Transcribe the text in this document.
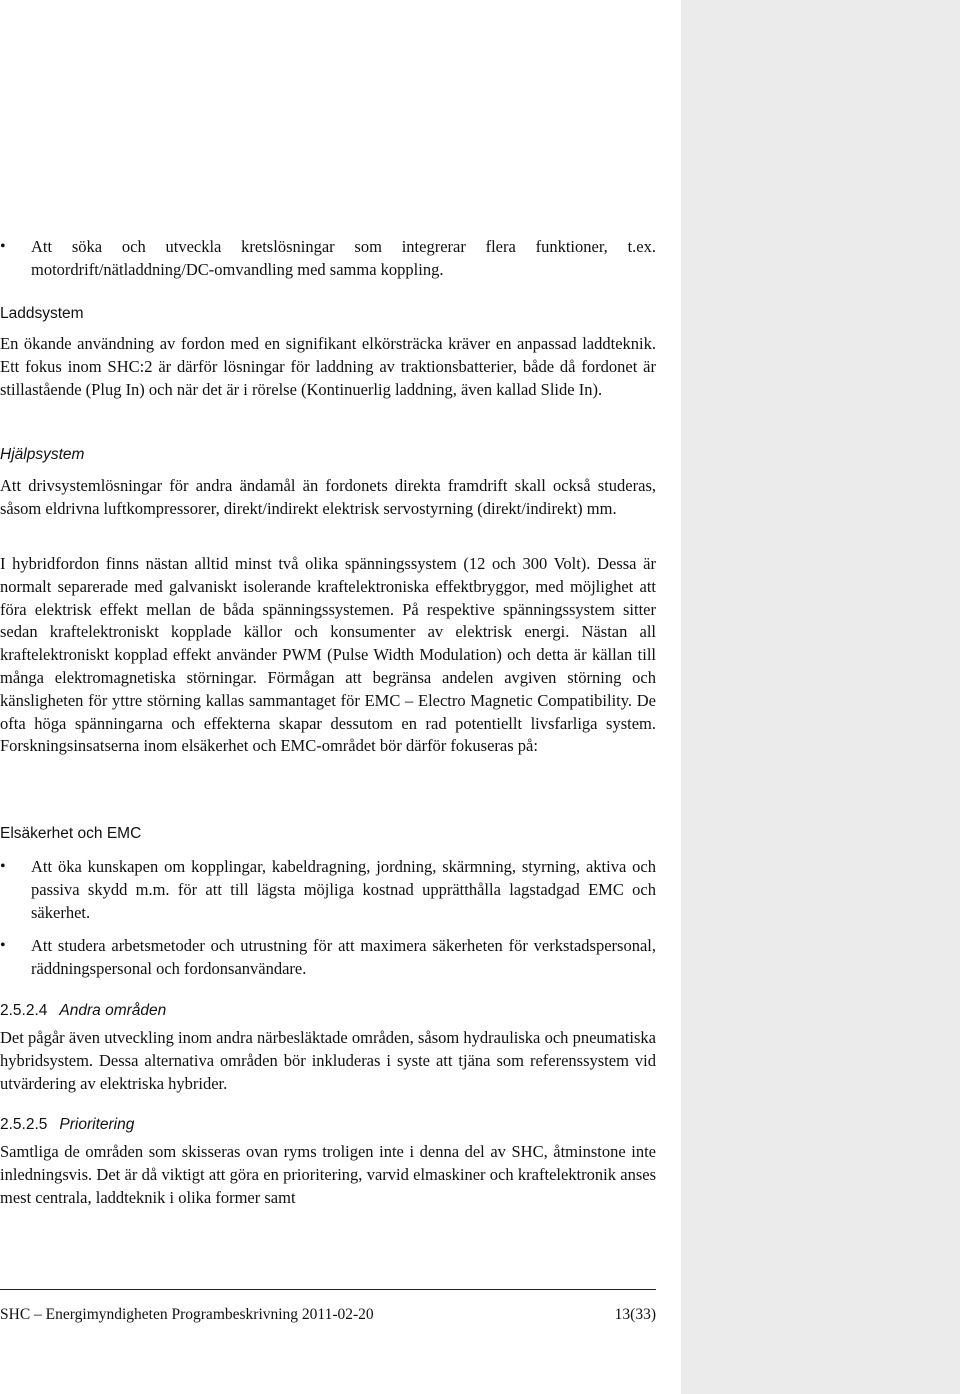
• Att söka och utveckla kretslösningar som integrerar flera funktioner, t.ex. motordrift/nätladdning/DC-omvandling med samma koppling.
Laddsystem
En ökande användning av fordon med en signifikant elkörsträcka kräver en anpassad laddteknik. Ett fokus inom SHC:2 är därför lösningar för laddning av traktionsbatterier, både då fordonet är stillastående (Plug In) och när det är i rörelse (Kontinuerlig laddning, även kallad Slide In).
Hjälpsystem
Att drivsystemlösningar för andra ändamål än fordonets direkta framdrift skall också studeras, såsom eldrivna luftkompressorer, direkt/indirekt elektrisk servostyrning (direkt/indirekt) mm.
I hybridfordon finns nästan alltid minst två olika spänningssystem (12 och 300 Volt). Dessa är normalt separerade med galvaniskt isolerande kraftelektroniska effektbryggor, med möjlighet att föra elektrisk effekt mellan de båda spänningssystemen. På respektive spänningssystem sitter sedan kraftelektroniskt kopplade källor och konsumenter av elektrisk energi. Nästan all kraftelektroniskt kopplad effekt använder PWM (Pulse Width Modulation) och detta är källan till många elektromagnetiska störningar. Förmågan att begränsa andelen avgiven störning och känsligheten för yttre störning kallas sammantaget för EMC – Electro Magnetic Compatibility. De ofta höga spänningarna och effekterna skapar dessutom en rad potentiellt livsfarliga system. Forskningsinsatserna inom elsäkerhet och EMC-området bör därför fokuseras på:
Elsäkerhet och EMC
• Att öka kunskapen om kopplingar, kabeldragning, jordning, skärmning, styrning, aktiva och passiva skydd m.m. för att till lägsta möjliga kostnad upprätthålla lagstadgad EMC och säkerhet.
• Att studera arbetsmetoder och utrustning för att maximera säkerheten för verkstadspersonal, räddningspersonal och fordonsanvändare.
2.5.2.4 Andra områden
Det pågår även utveckling inom andra närbesläktade områden, såsom hydrauliska och pneumatiska hybridsystem. Dessa alternativa områden bör inkluderas i syste att tjäna som referenssystem vid utvärdering av elektriska hybrider.
2.5.2.5 Prioritering
Samtliga de områden som skisseras ovan ryms troligen inte i denna del av SHC, åtminstone inte inledningsvis. Det är då viktigt att göra en prioritering, varvid elmaskiner och kraftelektronik anses mest centrala, laddteknik i olika former samt
SHC – Energimyndigheten Programbeskrivning 2011-02-20	13(33)
